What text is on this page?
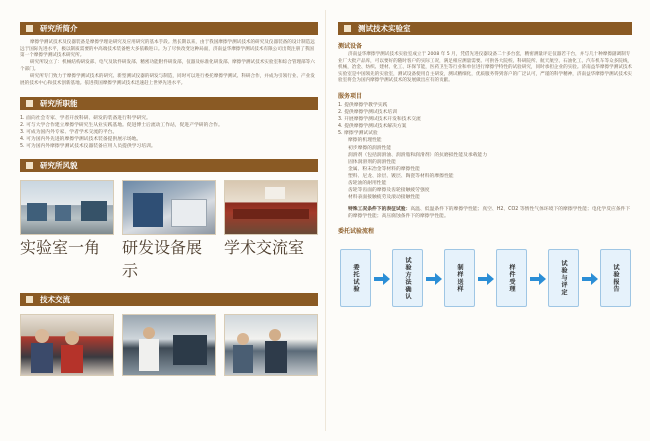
研究所简介

摩擦学测试技术及仪器装备是摩擦学理论研究及应用研究的基本手段。然长期以来，由于我国摩擦学测试技术的研究及仪器装备的设计制造远远于国际先进水平，极以制质需要的中高端技术装备绝大多依赖进口。为了尽快改变这种局面，济南益华摩擦学测试技术有限公司出资注册了我国第一个摩擦学测试技术研究所。

研究所设立了：机械结构研发部、电气及软件研发部、精密功能附件研发部，仪器及标准化研发部、摩擦学测试技术实验室和综合管理部等六个部门。

研究所专门致力于摩擦学测试技术的研究、新型测试仪器的研发与制造，同时可以进行委托摩擦学测试、科研合作，并成为引领行业、产业发展的技术中心和技术创新基地。依进我国摩擦学测试技术迅速赶上世界先进水平。

研究所职能
1. 面向社会专家、学者开放科研、研发的装备进行科学研究。
2. 可与大学合作建立摩擦学研究生从业实践基地。促进博士后流动工作站，促进产学研的合作。
3. 可成为国内外专家、学者学术交流的平台。
4. 可为国内外先进的摩擦学测试技术装备提供展示场地。
5. 可为国内外摩擦学测试技术仪器装备应用人员提供学习培训。
研究所风貌
实验室一角	研发设备展示
学术交流室
技术交流
测试技术实验室
测试设备
济南益华摩擦学测试技术实验室成立于 2008 年 5 月，凭借先进仪器设备二十多台套，精密测量评定仪器若干台，并与几十种摩擦副调制专业厂大批产品库，可以要好的随时客户的实际工况，满足相应测量需要。可供各大院校、科研院所、航天航空、石油化工、汽车机车等众多院线，机械，冶金、纺织、建材、化工、环保节能，医药卫生等行业和单位进行摩擦学特性的试验研究，同时承担企业的实验。济南益华摩擦学测试技术实验室是中国领先的实验室，测试设备使用自主研发，测试精细化，优质服务得到客户的广泛认可，严谨的科学精神，济南益华摩擦学测试技术实验室将会为国内摩擦学测试技术的发展做出应有的贡献。
服务项目
1. 提供摩擦学教学实践
2. 提供摩擦学测试技术培训
3. 开展摩擦学测试技术开发和技术交流
4. 提供摩擦学测试技术解决方案
5. 摩擦学测试试验
摩擦的机理性能
初步摩擦的润滑性能
润滑剂（包括润滑油、润滑脂和润滑剂）的抗磨损性能及承载能力
固体润滑剂的润滑性能
金属、粉末冶金等材料的摩擦性能
塑料、尼龙、涂层、镀层、陶瓷等材料的摩擦性能
齿轮油的耐用性能
齿轮等齿面的摩擦及齿轮接触疲劳强度
材料表面接触疲劳及滚动接触性能
特殊工况条件下的表征试验：高温、低温条件下的摩擦学性能；真空、H2、CO2 等惰性气体环境下的摩擦学性能；电化学反应条件下的摩擦学性能；高压腐蚀条件下的摩擦学性能。
委托试验流程
委托试验	试验方法确认	制样送样	样件受理	试验与评定	试验报告
